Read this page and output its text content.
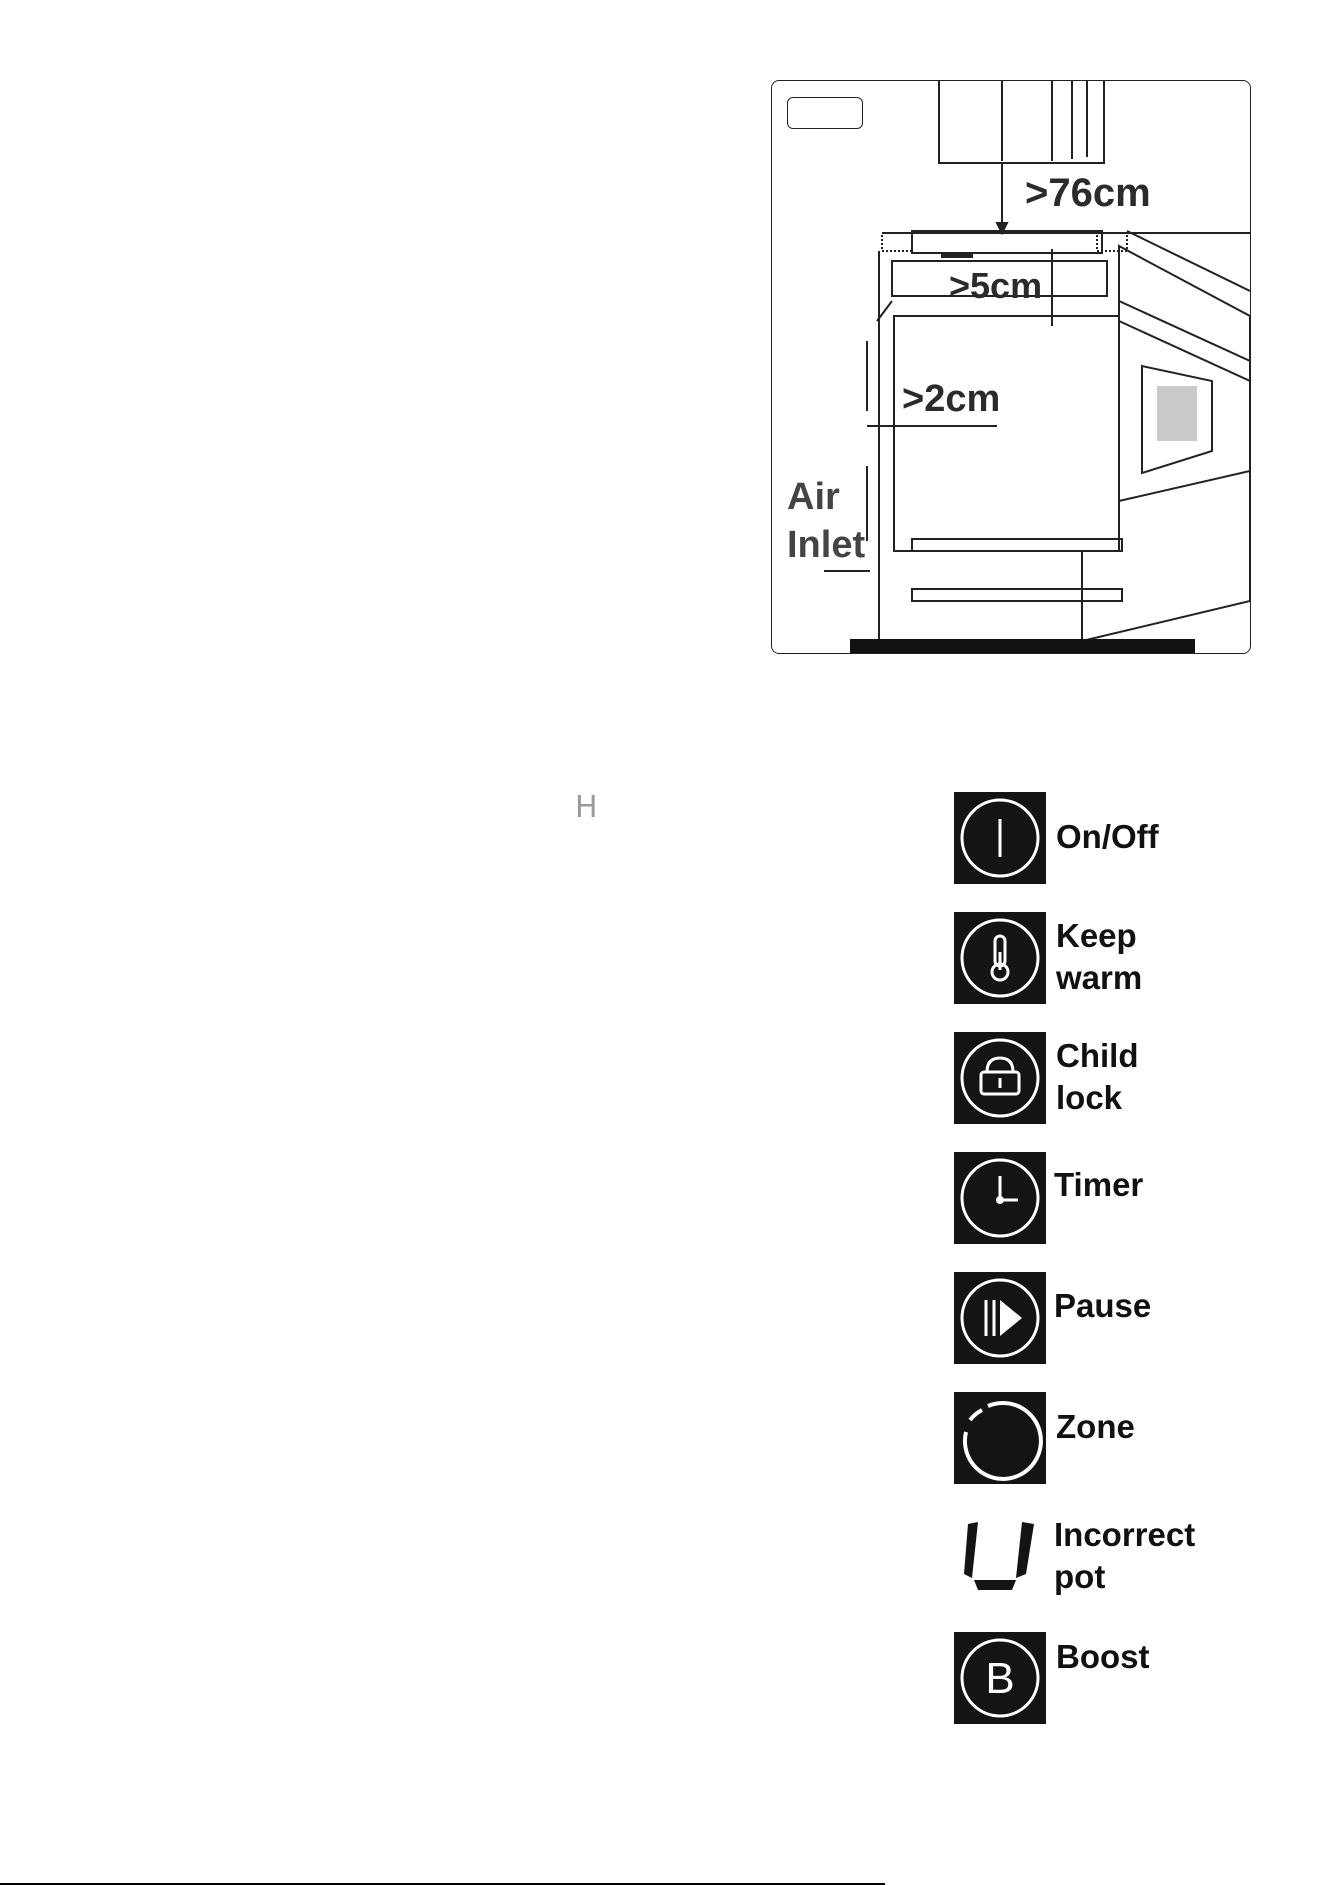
>76cm
>5cm
>2cm
Air
Inlet
H
On/Off
Keep
warm
Child
lock
Timer
Pause
Zone
Incorrect
pot
B Boost
